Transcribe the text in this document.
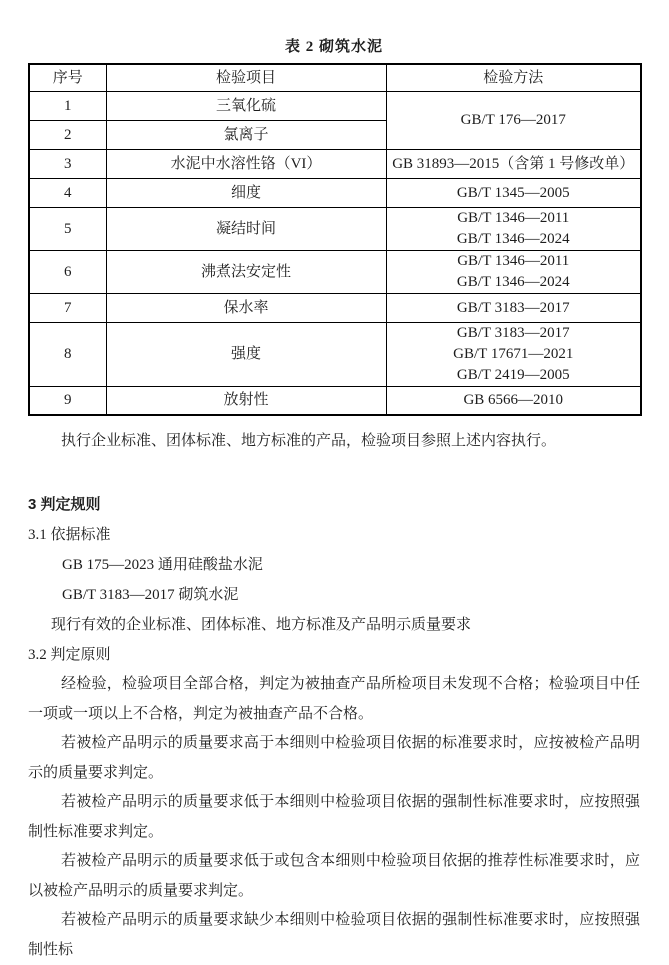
表 2 砌筑水泥
序号	检验项目	检验方法
1	三氧化硫	GB/T 176—2017
2	氯离子	
3	水泥中水溶性铬（VI）	GB 31893—2015（含第 1 号修改单）
4	细度	GB/T 1345—2005
5	凝结时间	GB/T 1346—2011
GB/T 1346—2024

6	沸煮法安定性	GB/T 1346—2011
GB/T 1346—2024

7	保水率	GB/T 3183—2017
8	强度	GB/T 3183—2017
GB/T 17671—2021
GB/T 2419—2005

9	放射性	GB 6566—2010

执行企业标准、团体标准、地方标准的产品，检验项目参照上述内容执行。

3 判定规则
3.1 依据标准
GB 175—2023 通用硅酸盐水泥
GB/T 3183—2017 砌筑水泥
现行有效的企业标准、团体标准、地方标准及产品明示质量要求
3.2 判定原则

经检验，检验项目全部合格，判定为被抽查产品所检项目未发现不合格；检验项目中任一项或一项以上不合格，判定为被抽查产品不合格。

若被检产品明示的质量要求高于本细则中检验项目依据的标准要求时，应按被检产品明示的质量要求判定。

若被检产品明示的质量要求低于本细则中检验项目依据的强制性标准要求时，应按照强制性标准要求判定。

若被检产品明示的质量要求低于或包含本细则中检验项目依据的推荐性标准要求时，应以被检产品明示的质量要求判定。

若被检产品明示的质量要求缺少本细则中检验项目依据的强制性标准要求时，应按照强制性标
